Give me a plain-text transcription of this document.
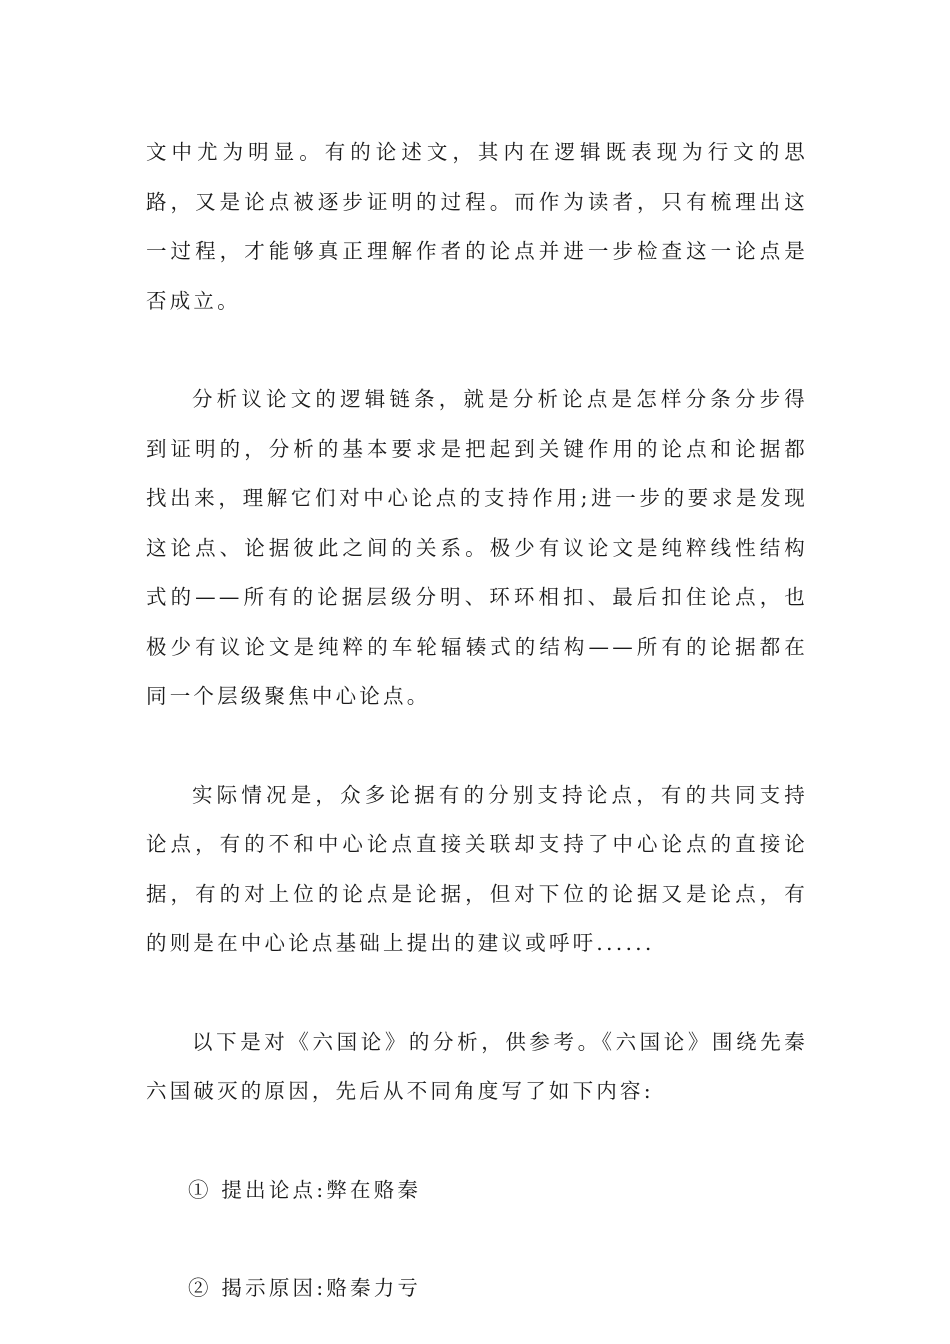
文中尤为明显。有的论述文，其内在逻辑既表现为行文的思路，又是论点被逐步证明的过程。而作为读者，只有梳理出这一过程，才能够真正理解作者的论点并进一步检查这一论点是否成立。

分析议论文的逻辑链条，就是分析论点是怎样分条分步得到证明的，分析的基本要求是把起到关键作用的论点和论据都找出来，理解它们对中心论点的支持作用;进一步的要求是发现这论点、论据彼此之间的关系。极少有议论文是纯粹线性结构式的——所有的论据层级分明、环环相扣、最后扣住论点，也极少有议论文是纯粹的车轮辐辏式的结构——所有的论据都在同一个层级聚焦中心论点。

实际情况是，众多论据有的分别支持论点，有的共同支持论点，有的不和中心论点直接关联却支持了中心论点的直接论据，有的对上位的论点是论据，但对下位的论据又是论点，有的则是在中心论点基础上提出的建议或呼吁......

以下是对《六国论》的分析，供参考。《六国论》围绕先秦六国破灭的原因，先后从不同角度写了如下内容:

① 提出论点:弊在赂秦

② 揭示原因:赂秦力亏
